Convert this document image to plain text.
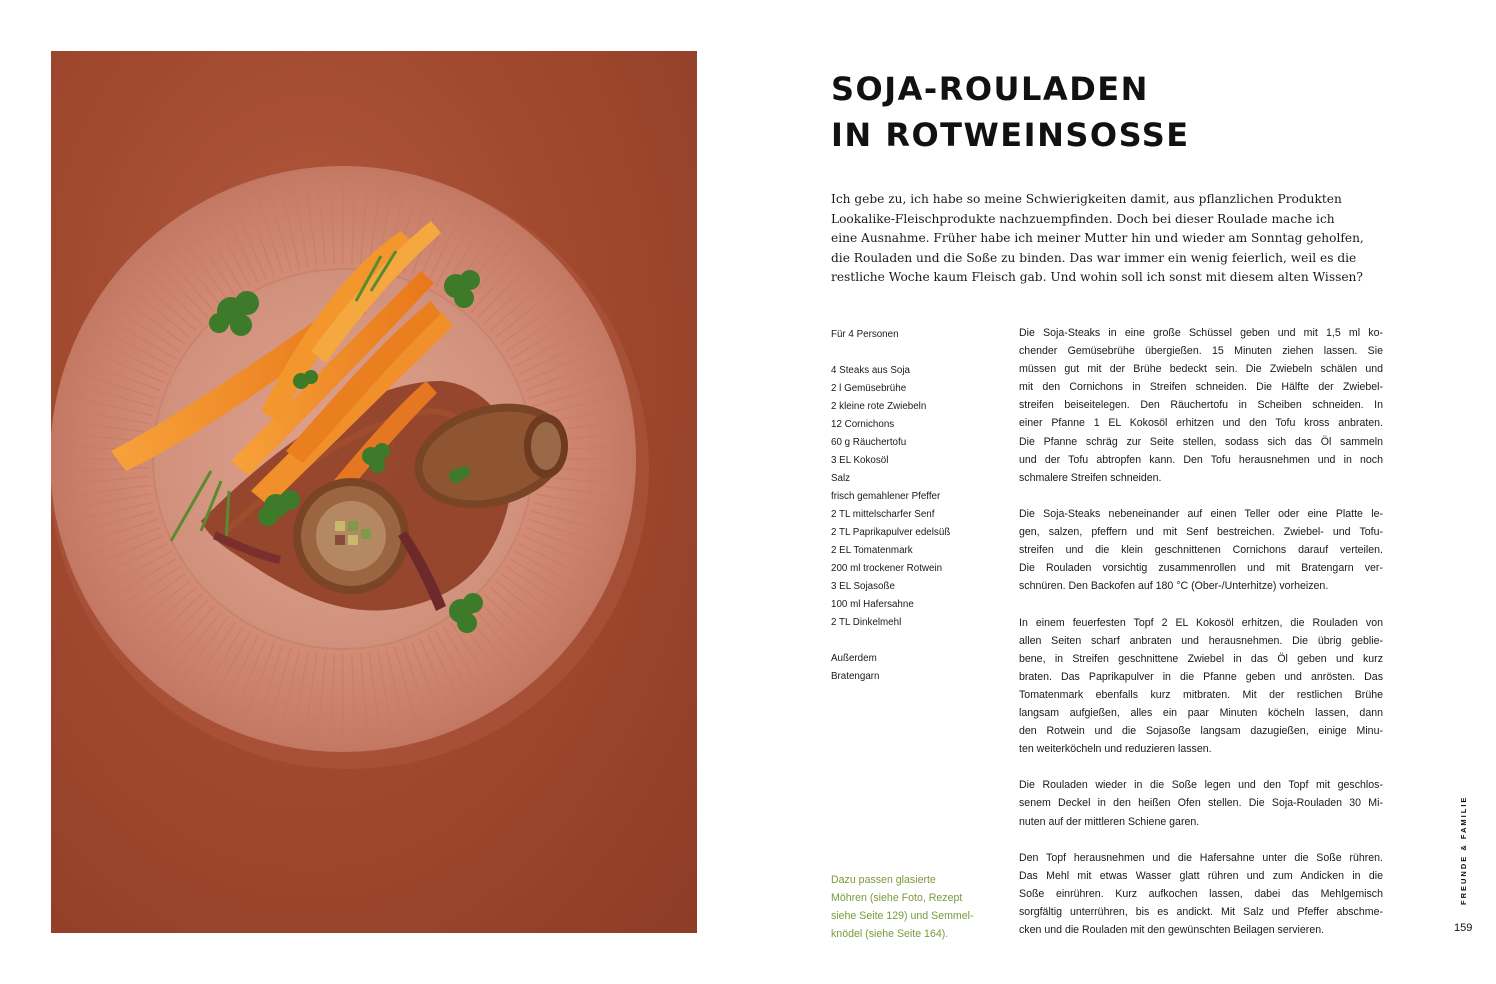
SOJA-ROULADEN
IN ROTWEINSOSSE
Ich gebe zu, ich habe so meine Schwierigkeiten damit, aus pflanzlichen Produkten
Lookalike-Fleischprodukte nachzuempfinden. Doch bei dieser Roulade mache ich
eine Ausnahme. Früher habe ich meiner Mutter hin und wieder am Sonntag geholfen,
die Rouladen und die Soße zu binden. Das war immer ein wenig feierlich, weil es die
restliche Woche kaum Fleisch gab. Und wohin soll ich sonst mit diesem alten Wissen?
Für 4 Personen
4 Steaks aus Soja
2 l Gemüsebrühe
2 kleine rote Zwiebeln
12 Cornichons
60 g Räuchertofu
3 EL Kokosöl
Salz
frisch gemahlener Pfeffer
2 TL mittelscharfer Senf
2 TL Paprikapulver edelsüß
2 EL Tomatenmark
200 ml trockener Rotwein
3 EL Sojasoße
100 ml Hafersahne
2 TL Dinkelmehl
Außerdem
Bratengarn
Die Soja-Steaks in eine große Schüssel geben und mit 1,5 ml ko-
chender Gemüsebrühe übergießen. 15 Minuten ziehen lassen. Sie
müssen gut mit der Brühe bedeckt sein. Die Zwiebeln schälen und
mit den Cornichons in Streifen schneiden. Die Hälfte der Zwiebel-
streifen beiseitelegen. Den Räuchertofu in Scheiben schneiden. In
einer Pfanne 1 EL Kokosöl erhitzen und den Tofu kross anbraten.
Die Pfanne schräg zur Seite stellen, sodass sich das Öl sammeln
und der Tofu abtropfen kann. Den Tofu herausnehmen und in noch
schmalere Streifen schneiden.
Die Soja-Steaks nebeneinander auf einen Teller oder eine Platte le-
gen, salzen, pfeffern und mit Senf bestreichen. Zwiebel- und Tofu-
streifen und die klein geschnittenen Cornichons darauf verteilen.
Die Rouladen vorsichtig zusammenrollen und mit Bratengarn ver-
schnüren. Den Backofen auf 180 °C (Ober-/Unterhitze) vorheizen.
In einem feuerfesten Topf 2 EL Kokosöl erhitzen, die Rouladen von
allen Seiten scharf anbraten und herausnehmen. Die übrig geblie-
bene, in Streifen geschnittene Zwiebel in das Öl geben und kurz
braten. Das Paprikapulver in die Pfanne geben und anrösten. Das
Tomatenmark ebenfalls kurz mitbraten. Mit der restlichen Brühe
langsam aufgießen, alles ein paar Minuten köcheln lassen, dann
den Rotwein und die Sojasoße langsam dazugießen, einige Minu-
ten weiterköcheln und reduzieren lassen.
Die Rouladen wieder in die Soße legen und den Topf mit geschlos-
senem Deckel in den heißen Ofen stellen. Die Soja-Rouladen 30 Mi-
nuten auf der mittleren Schiene garen.
Den Topf herausnehmen und die Hafersahne unter die Soße rühren.
Das Mehl mit etwas Wasser glatt rühren und zum Andicken in die
Soße einrühren. Kurz aufkochen lassen, dabei das Mehlgemisch
sorgfältig unterrühren, bis es andickt. Mit Salz und Pfeffer abschme-
cken und die Rouladen mit den gewünschten Beilagen servieren.
Dazu passen glasierte
Möhren (siehe Foto, Rezept
siehe Seite 129) und Semmel-
knödel (siehe Seite 164).
FREUNDE & FAMILIE
159
